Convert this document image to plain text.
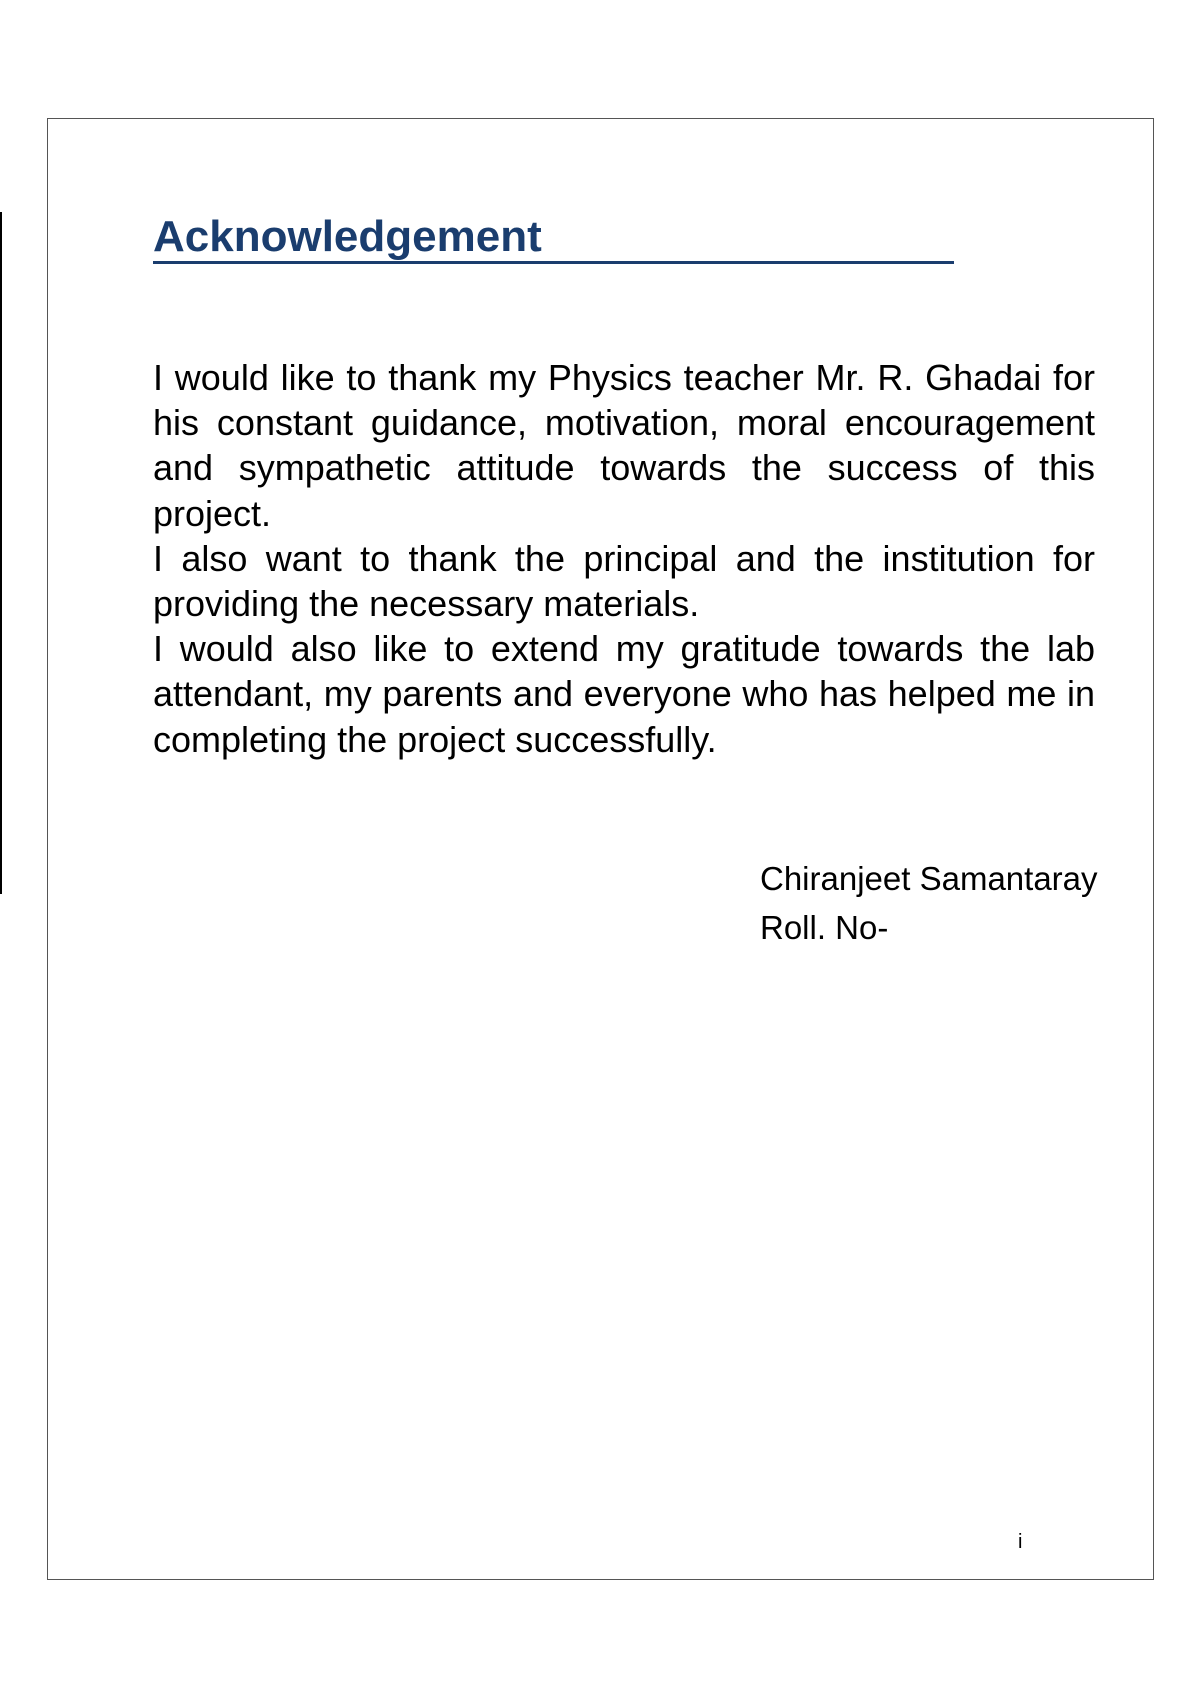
Acknowledgement

I would like to thank my Physics teacher Mr. R. Ghadai for his constant guidance, motivation, moral encouragement and sympathetic attitude towards the success of this project.

I also want to thank the principal and the institution for providing the necessary materials.

I would also like to extend my gratitude towards the lab attendant, my parents and everyone who has helped me in completing the project successfully.

Chiranjeet Samantaray

Roll. No-

i
